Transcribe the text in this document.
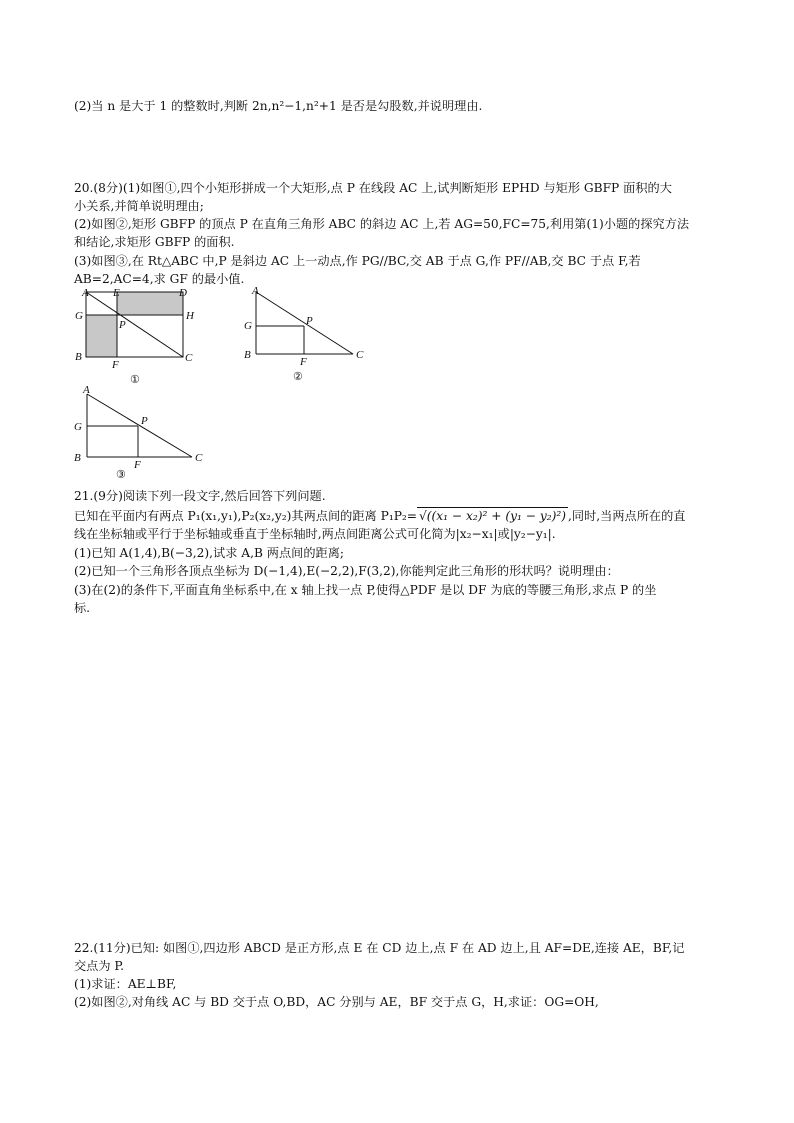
(2)当 n 是大于 1 的整数时,判断 2n,n²−1,n²+1 是否是勾股数,并说明理由.
20.(8分)(1)如图①,四个小矩形拼成一个大矩形,点 P 在线段 AC 上,试判断矩形 EPHD 与矩形 GBFP 面积的大
小关系,并简单说明理由;
(2)如图②,矩形 GBFP 的顶点 P 在直角三角形 ABC 的斜边 AC 上,若 AG=50,FC=75,利用第(1)小题的探究方法
和结论,求矩形 GBFP 的面积.
(3)如图③,在 Rt△ABC 中,P 是斜边 AC 上一动点,作 PG//BC,交 AB 于点 G,作 PF//AB,交 BC 于点 F,若
AB=2,AC=4,求 GF 的最小值.
A E	D
G
P
H
B
F
C
①
A
G	P
B
F
C
②
A
G	P
B
F
C
③
21.(9分)阅读下列一段文字,然后回答下列问题.
已知在平面内有两点 P₁(x₁,y₁),P₂(x₂,y₂)其两点间的距离 P₁P₂= √((x₁ − x₂)² + (y₁ − y₂)²) ,同时,当两点所在的直
线在坐标轴或平行于坐标轴或垂直于坐标轴时,两点间距离公式可化简为|x₂−x₁|或|y₂−y₁|.
(1)已知 A(1,4),B(−3,2),试求 A,B 两点间的距离;
(2)已知一个三角形各顶点坐标为 D(−1,4),E(−2,2),F(3,2),你能判定此三角形的形状吗？说明理由：
(3)在(2)的条件下,平面直角坐标系中,在 x 轴上找一点 P,使得△PDF 是以 DF 为底的等腰三角形,求点 P 的坐
标.
22.(11分)已知: 如图①,四边形 ABCD 是正方形,点 E 在 CD 边上,点 F 在 AD 边上,且 AF=DE,连接 AE，BF,记
交点为 P.
(1)求证：AE⊥BF,
(2)如图②,对角线 AC 与 BD 交于点 O,BD，AC 分别与 AE，BF 交于点 G，H,求证：OG=OH,
